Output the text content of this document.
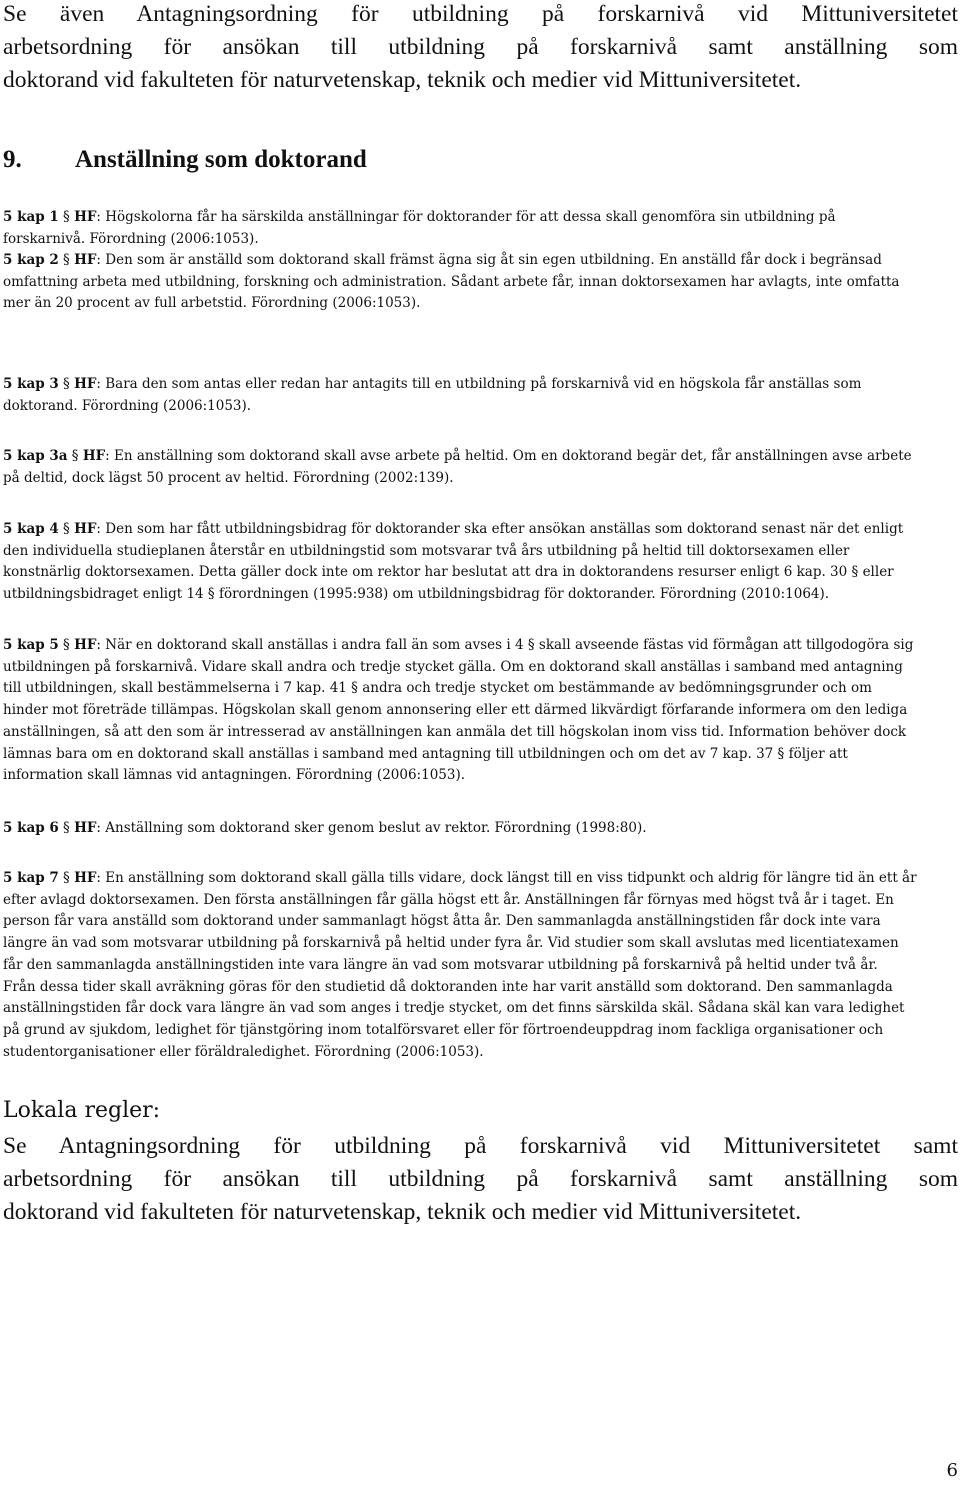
Se även Antagningsordning för utbildning på forskarnivå vid Mittuniversitetet
arbetsordning för ansökan till utbildning på forskarnivå samt anställning som
doktorand vid fakulteten för naturvetenskap, teknik och medier vid Mittuniversitetet.
9. Anställning som doktorand

5 kap 1 § HF: Högskolorna får ha särskilda anställningar för doktorander för att dessa skall genomföra sin utbildning på
forskarnivå. Förordning (2006:1053).

5 kap 2 § HF: Den som är anställd som doktorand skall främst ägna sig åt sin egen utbildning. En anställd får dock i begränsad
omfattning arbeta med utbildning, forskning och administration. Sådant arbete får, innan doktorsexamen har avlagts, inte omfatta
mer än 20 procent av full arbetstid. Förordning (2006:1053).

5 kap 3 § HF: Bara den som antas eller redan har antagits till en utbildning på forskarnivå vid en högskola får anställas som
doktorand. Förordning (2006:1053).

5 kap 3a § HF: En anställning som doktorand skall avse arbete på heltid. Om en doktorand begär det, får anställningen avse arbete
på deltid, dock lägst 50 procent av heltid. Förordning (2002:139).

5 kap 4 § HF: Den som har fått utbildningsbidrag för doktorander ska efter ansökan anställas som doktorand senast när det enligt
den individuella studieplanen återstår en utbildningstid som motsvarar två års utbildning på heltid till doktorsexamen eller
konstnärlig doktorsexamen. Detta gäller dock inte om rektor har beslutat att dra in doktorandens resurser enligt 6 kap. 30 § eller
utbildningsbidraget enligt 14 § förordningen (1995:938) om utbildningsbidrag för doktorander. Förordning (2010:1064).

5 kap 5 § HF: När en doktorand skall anställas i andra fall än som avses i 4 § skall avseende fästas vid förmågan att tillgodogöra sig
utbildningen på forskarnivå. Vidare skall andra och tredje stycket gälla. Om en doktorand skall anställas i samband med antagning
till utbildningen, skall bestämmelserna i 7 kap. 41 § andra och tredje stycket om bestämmande av bedömningsgrunder och om
hinder mot företräde tillämpas. Högskolan skall genom annonsering eller ett därmed likvärdigt förfarande informera om den lediga
anställningen, så att den som är intresserad av anställningen kan anmäla det till högskolan inom viss tid. Information behöver dock
lämnas bara om en doktorand skall anställas i samband med antagning till utbildningen och om det av 7 kap. 37 § följer att
information skall lämnas vid antagningen. Förordning (2006:1053).

5 kap 6 § HF: Anställning som doktorand sker genom beslut av rektor. Förordning (1998:80).

5 kap 7 § HF: En anställning som doktorand skall gälla tills vidare, dock längst till en viss tidpunkt och aldrig för längre tid än ett år
efter avlagd doktorsexamen. Den första anställningen får gälla högst ett år. Anställningen får förnyas med högst två år i taget. En
person får vara anställd som doktorand under sammanlagt högst åtta år. Den sammanlagda anställningstiden får dock inte vara
längre än vad som motsvarar utbildning på forskarnivå på heltid under fyra år. Vid studier som skall avslutas med licentiatexamen
får den sammanlagda anställningstiden inte vara längre än vad som motsvarar utbildning på forskarnivå på heltid under två år.
Från dessa tider skall avräkning göras för den studietid då doktoranden inte har varit anställd som doktorand. Den sammanlagda
anställningstiden får dock vara längre än vad som anges i tredje stycket, om det finns särskilda skäl. Sådana skäl kan vara ledighet
på grund av sjukdom, ledighet för tjänstgöring inom totalförsvaret eller för förtroendeuppdrag inom fackliga organisationer och
studentorganisationer eller föräldraledighet. Förordning (2006:1053).

Lokala regler:
Se Antagningsordning för utbildning på forskarnivå vid Mittuniversitetet samt
arbetsordning för ansökan till utbildning på forskarnivå samt anställning som
doktorand vid fakulteten för naturvetenskap, teknik och medier vid Mittuniversitetet.
6
